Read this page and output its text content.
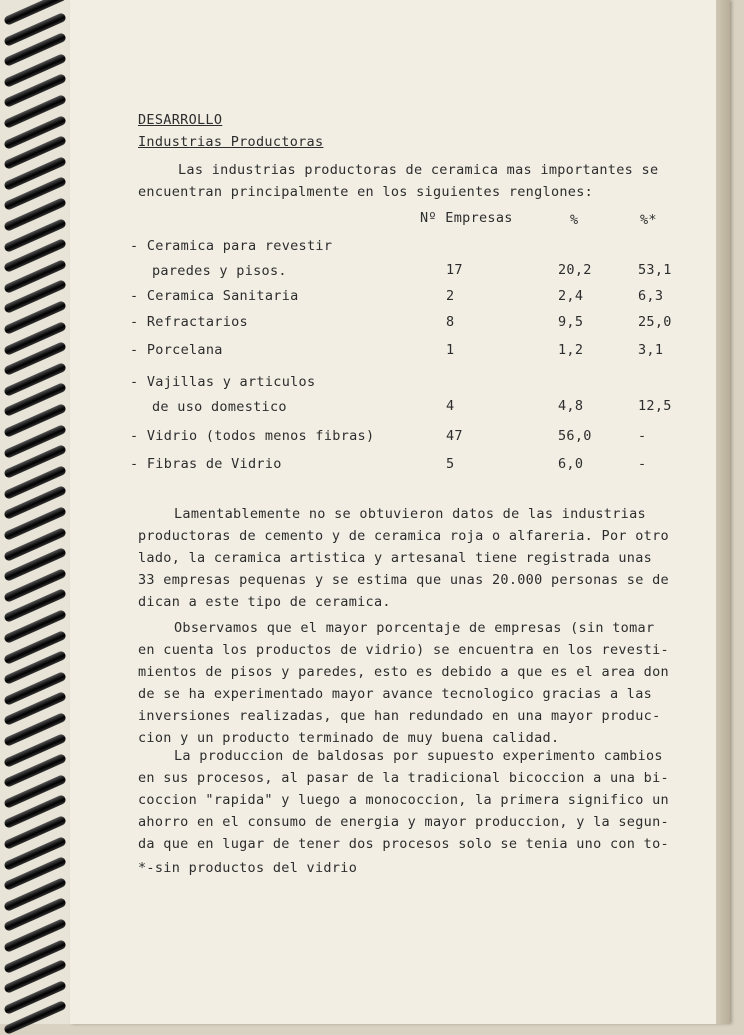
DESARROLLO
Industrias Productoras
Las industrias productoras de ceramica mas importantes se
encuentran principalmente en los siguientes renglones:
Nº Empresas	%	%*
- Ceramica para revestir
paredes y pisos.	17	20,2	53,1
- Ceramica Sanitaria	2	2,4	6,3
- Refractarios	8	9,5	25,0
- Porcelana	1	1,2	3,1
- Vajillas y articulos
de uso domestico	4	4,8	12,5
- Vidrio (todos menos fibras)	47	56,0	-
- Fibras de Vidrio	5	6,0	-
Lamentablemente no se obtuvieron datos de las industrias
productoras de cemento y de ceramica roja o alfareria. Por otro
lado, la ceramica artistica y artesanal tiene registrada unas
33 empresas pequenas y se estima que unas 20.000 personas se de
dican a este tipo de ceramica.
Observamos que el mayor porcentaje de empresas (sin tomar
en cuenta los productos de vidrio) se encuentra en los revesti-
mientos de pisos y paredes, esto es debido a que es el area don
de se ha experimentado mayor avance tecnologico gracias a las
inversiones realizadas, que han redundado en una mayor produc-
cion y un producto terminado de muy buena calidad.
La produccion de baldosas por supuesto experimento cambios
en sus procesos, al pasar de la tradicional bicoccion a una bi-
coccion "rapida" y luego a monococcion, la primera significo un
ahorro en el consumo de energia y mayor produccion, y la segun-
da que en lugar de tener dos procesos solo se tenia uno con to-
*-sin productos del vidrio
